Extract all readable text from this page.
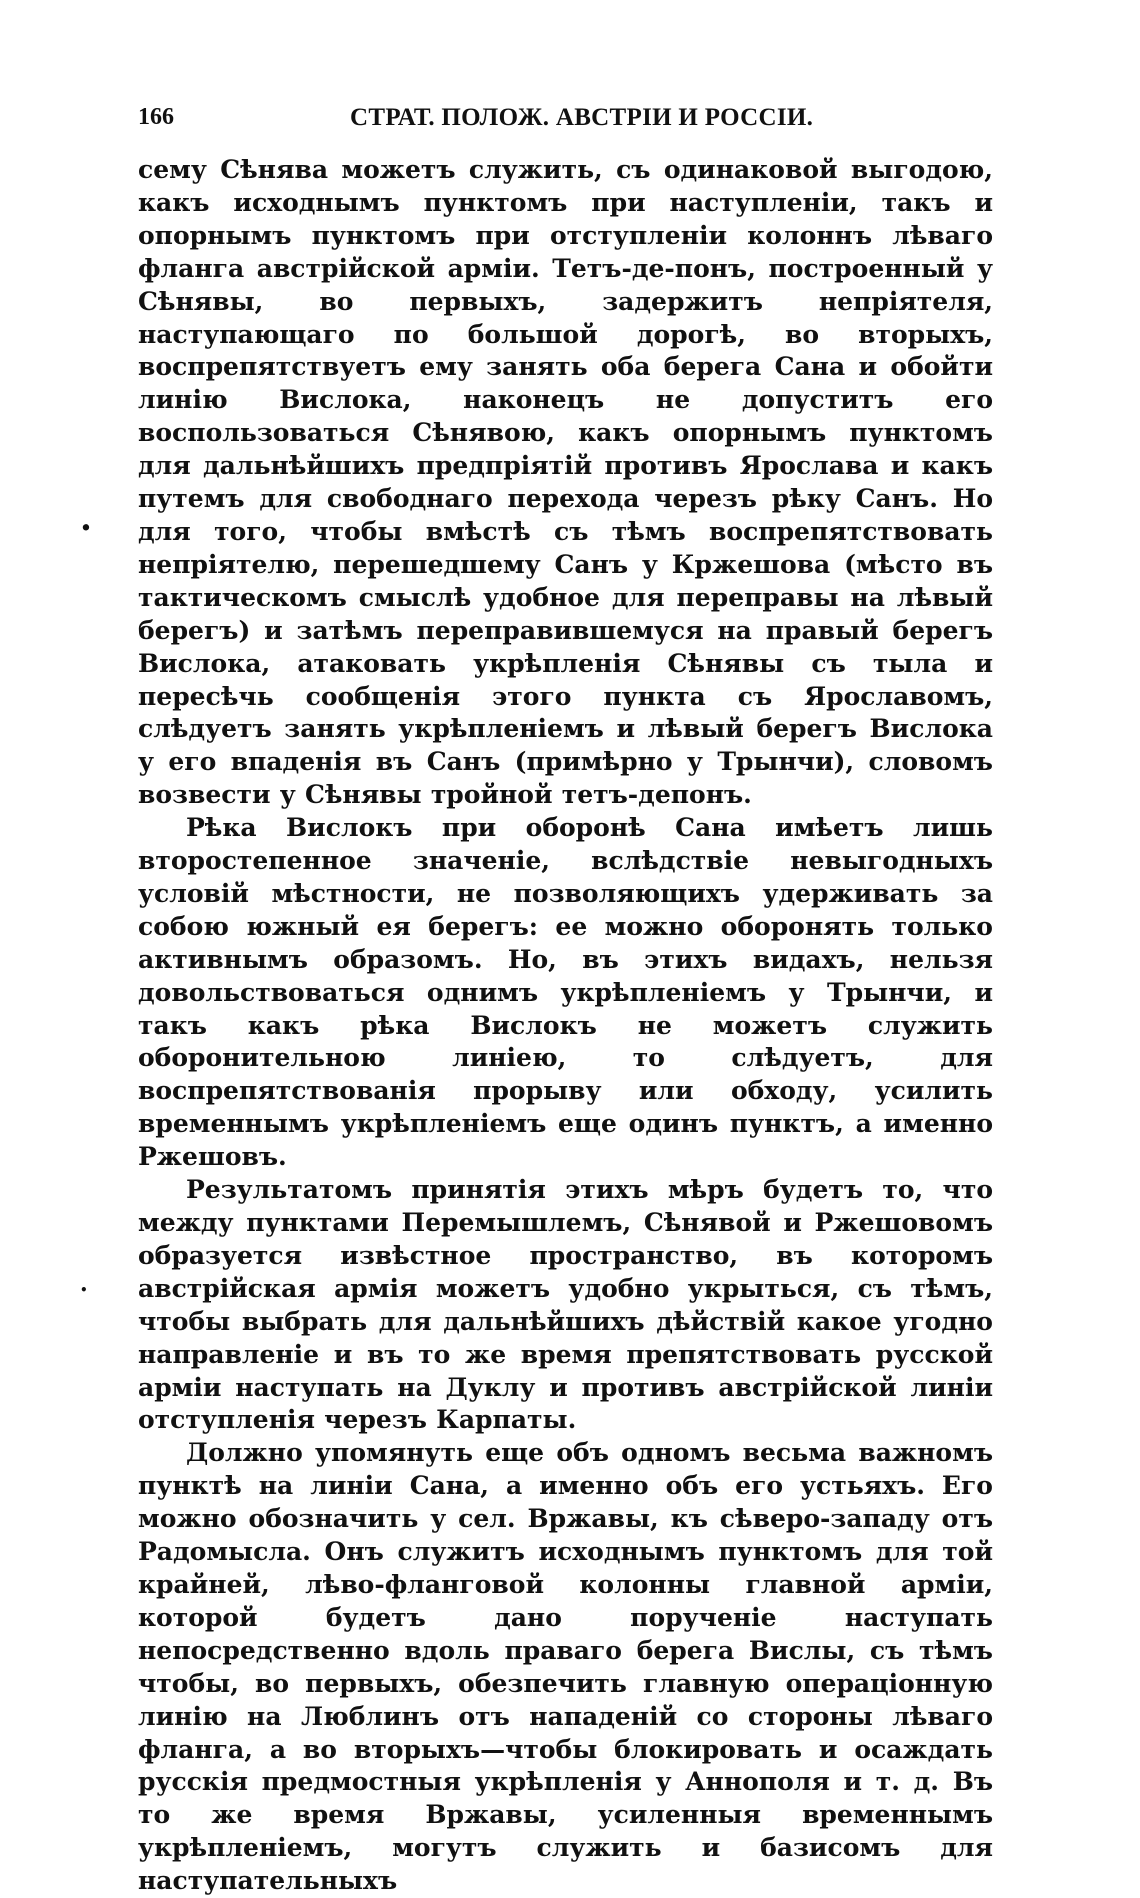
166	СТРАТ. ПОЛОЖ. АВСТРІИ И РОССІИ.
•
•

сему Сѣнява можетъ служить, съ одинаковой выгодою, какъ исходнымъ пунктомъ при наступленіи, такъ и опорнымъ пунктомъ при отступленіи колоннъ лѣваго фланга австрійской арміи. Тетъ-де-понъ, построенный у Сѣнявы, во первыхъ, задержитъ непріятеля, наступающаго по большой дорогѣ, во вторыхъ, воспрепятствуетъ ему занять оба берега Сана и обойти линію Вислока, наконецъ не допуститъ его воспользоваться Сѣнявою, какъ опорнымъ пунктомъ для дальнѣйшихъ предпріятій противъ Ярослава и какъ путемъ для свободнаго перехода черезъ рѣку Санъ. Но для того, чтобы вмѣстѣ съ тѣмъ воспрепятствовать непріятелю, перешедшему Санъ у Кржешова (мѣсто въ тактическомъ смыслѣ удобное для переправы на лѣвый берегъ) и затѣмъ переправившемуся на правый берегъ Вислока, атаковать укрѣпленія Сѣнявы съ тыла и пересѣчь сообщенія этого пункта съ Ярославомъ, слѣдуетъ занять укрѣпленіемъ и лѣвый берегъ Вислока у его впаденія въ Санъ (примѣрно у Трынчи), словомъ возвести у Сѣнявы тройной тетъ-депонъ.

Рѣка Вислокъ при оборонѣ Сана имѣетъ лишь второстепенное значеніе, вслѣдствіе невыгодныхъ условій мѣстности, не позволяющихъ удерживать за собою южный ея берегъ: ее можно оборонять только активнымъ образомъ. Но, въ этихъ видахъ, нельзя довольствоваться однимъ укрѣпленіемъ у Трынчи, и такъ какъ рѣка Вислокъ не можетъ служить оборонительною линіею, то слѣдуетъ, для воспрепятствованія прорыву или обходу, усилить временнымъ укрѣпленіемъ еще одинъ пунктъ, а именно Ржешовъ.

Результатомъ принятія этихъ мѣръ будетъ то, что между пунктами Перемышлемъ, Сѣнявой и Ржешовомъ образуется извѣстное пространство, въ которомъ австрійская армія можетъ удобно укрыться, съ тѣмъ, чтобы выбрать для дальнѣйшихъ дѣйствій какое угодно направленіе и въ то же время препятствовать русской арміи наступать на Дуклу и противъ австрійской линіи отступленія черезъ Карпаты.

Должно упомянуть еще объ одномъ весьма важномъ пунктѣ на линіи Сана, а именно объ его устьяхъ. Его можно обозначить у сел. Вржавы, къ сѣверо-западу отъ Радомысла. Онъ служитъ исходнымъ пунктомъ для той крайней, лѣво-фланговой колонны главной арміи, которой будетъ дано порученіе наступать непосредственно вдоль праваго берега Вислы, съ тѣмъ чтобы, во первыхъ, обезпечить главную операціонную линію на Люблинъ отъ нападеній со стороны лѣваго фланга, а во вторыхъ—чтобы блокировать и осаждать русскія предмостныя укрѣпленія у Аннополя и т. д. Въ то же время Вржавы, усиленныя временнымъ укрѣпленіемъ, могутъ служить и базисомъ для наступательныхъ
